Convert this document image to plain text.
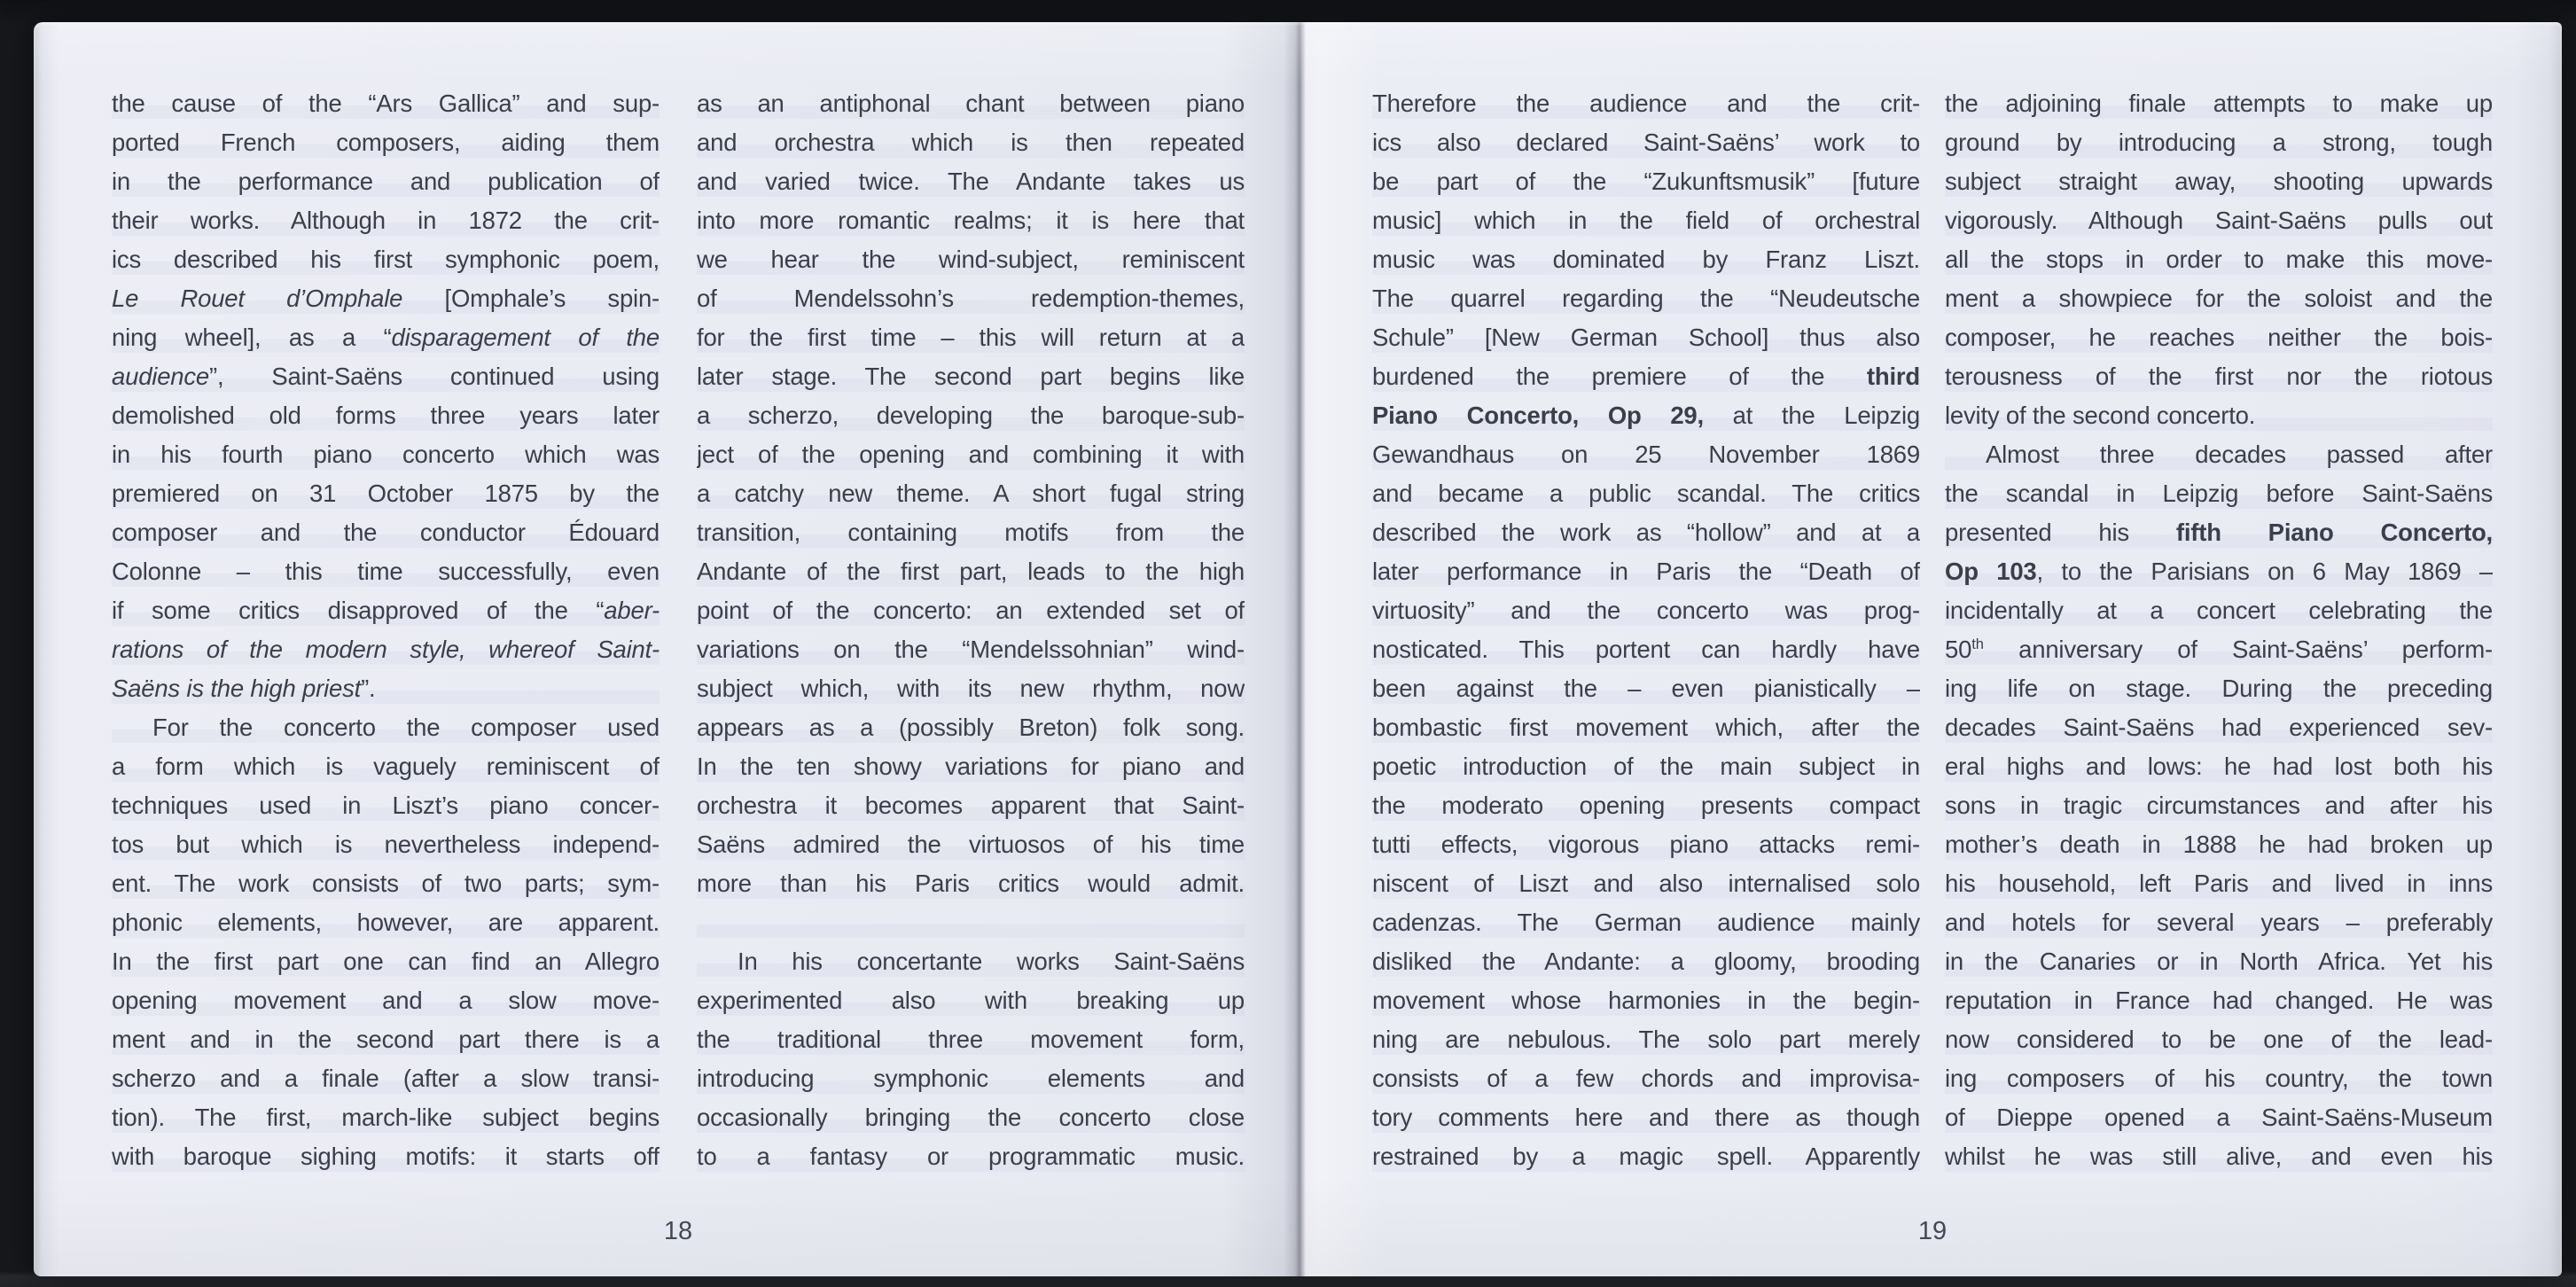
the cause of the “Ars Gallica” and sup-
ported French composers, aiding them
in the performance and publication of
their works. Although in 1872 the crit-
ics described his first symphonic poem,
Le Rouet d’Omphale [Omphale’s spin-
ning wheel], as a “disparagement of the
audience”, Saint-Saëns continued using
demolished old forms three years later
in his fourth piano concerto which was
premiered on 31 October 1875 by the
composer and the conductor Édouard
Colonne – this time successfully, even
if some critics disapproved of the “aber-
rations of the modern style, whereof Saint-
Saëns is the high priest”.
For the concerto the composer used
a form which is vaguely reminiscent of
techniques used in Liszt’s piano concer-
tos but which is nevertheless independ-
ent. The work consists of two parts; sym-
phonic elements, however, are apparent.
In the first part one can find an Allegro
opening movement and a slow move-
ment and in the second part there is a
scherzo and a finale (after a slow transi-
tion). The first, march-like subject begins
with baroque sighing motifs: it starts off
as an antiphonal chant between piano
and orchestra which is then repeated
and varied twice. The Andante takes us
into more romantic realms; it is here that
we hear the wind-subject, reminiscent
of Mendelssohn’s redemption-themes,
for the first time – this will return at a
later stage. The second part begins like
a scherzo, developing the baroque-sub-
ject of the opening and combining it with
a catchy new theme. A short fugal string
transition, containing motifs from the
Andante of the first part, leads to the high
point of the concerto: an extended set of
variations on the “Mendelssohnian” wind-
subject which, with its new rhythm, now
appears as a (possibly Breton) folk song.
In the ten showy variations for piano and
orchestra it becomes apparent that Saint-
Saëns admired the virtuosos of his time
more than his Paris critics would admit.
In his concertante works Saint-Saëns
experimented also with breaking up
the traditional three movement form,
introducing symphonic elements and
occasionally bringing the concerto close
to a fantasy or programmatic music.
18
Therefore the audience and the crit-
ics also declared Saint-Saëns’ work to
be part of the “Zukunftsmusik” [future
music] which in the field of orchestral
music was dominated by Franz Liszt.
The quarrel regarding the “Neudeutsche
Schule” [New German School] thus also
burdened the premiere of the third
Piano Concerto, Op 29, at the Leipzig
Gewandhaus on 25 November 1869
and became a public scandal. The critics
described the work as “hollow” and at a
later performance in Paris the “Death of
virtuosity” and the concerto was prog-
nosticated. This portent can hardly have
been against the – even pianistically –
bombastic first movement which, after the
poetic introduction of the main subject in
the moderato opening presents compact
tutti effects, vigorous piano attacks remi-
niscent of Liszt and also internalised solo
cadenzas. The German audience mainly
disliked the Andante: a gloomy, brooding
movement whose harmonies in the begin-
ning are nebulous. The solo part merely
consists of a few chords and improvisa-
tory comments here and there as though
restrained by a magic spell. Apparently
the adjoining finale attempts to make up
ground by introducing a strong, tough
subject straight away, shooting upwards
vigorously. Although Saint-Saëns pulls out
all the stops in order to make this move-
ment a showpiece for the soloist and the
composer, he reaches neither the bois-
terousness of the first nor the riotous
levity of the second concerto.
Almost three decades passed after
the scandal in Leipzig before Saint-Saëns
presented his fifth Piano Concerto,
Op 103, to the Parisians on 6 May 1869 –
incidentally at a concert celebrating the
50th anniversary of Saint-Saëns’ perform-
ing life on stage. During the preceding
decades Saint-Saëns had experienced sev-
eral highs and lows: he had lost both his
sons in tragic circumstances and after his
mother’s death in 1888 he had broken up
his household, left Paris and lived in inns
and hotels for several years – preferably
in the Canaries or in North Africa. Yet his
reputation in France had changed. He was
now considered to be one of the lead-
ing composers of his country, the town
of Dieppe opened a Saint-Saëns-Museum
whilst he was still alive, and even his
19
